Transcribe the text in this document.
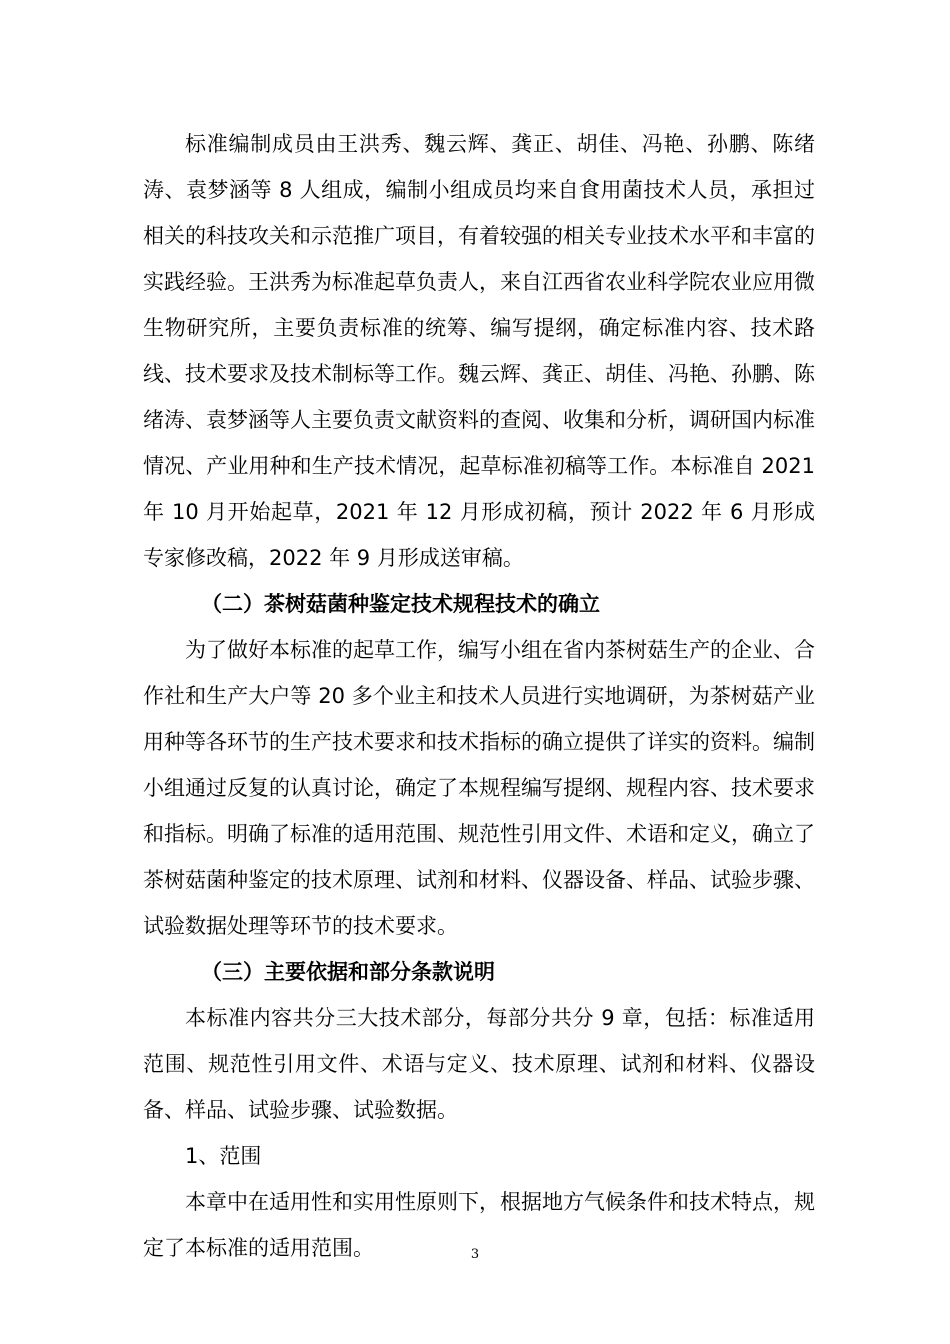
标准编制成员由王洪秀、魏云辉、龚正、胡佳、冯艳、孙鹏、陈绪涛、袁梦涵等 8 人组成，编制小组成员均来自食用菌技术人员，承担过相关的科技攻关和示范推广项目，有着较强的相关专业技术水平和丰富的实践经验。王洪秀为标准起草负责人，来自江西省农业科学院农业应用微生物研究所，主要负责标准的统筹、编写提纲，确定标准内容、技术路线、技术要求及技术制标等工作。魏云辉、龚正、胡佳、冯艳、孙鹏、陈绪涛、袁梦涵等人主要负责文献资料的查阅、收集和分析，调研国内标准情况、产业用种和生产技术情况，起草标准初稿等工作。本标准自 2021 年 10 月开始起草，2021 年 12 月形成初稿，预计 2022 年 6 月形成专家修改稿，2022 年 9 月形成送审稿。

（二）茶树菇菌种鉴定技术规程技术的确立

为了做好本标准的起草工作，编写小组在省内茶树菇生产的企业、合作社和生产大户等 20 多个业主和技术人员进行实地调研，为茶树菇产业用种等各环节的生产技术要求和技术指标的确立提供了详实的资料。编制小组通过反复的认真讨论，确定了本规程编写提纲、规程内容、技术要求和指标。明确了标准的适用范围、规范性引用文件、术语和定义，确立了茶树菇菌种鉴定的技术原理、试剂和材料、仪器设备、样品、试验步骤、试验数据处理等环节的技术要求。

（三）主要依据和部分条款说明

本标准内容共分三大技术部分，每部分共分 9 章，包括：标准适用范围、规范性引用文件、术语与定义、技术原理、试剂和材料、仪器设备、样品、试验步骤、试验数据。

1、范围

本章中在适用性和实用性原则下，根据地方气候条件和技术特点，规定了本标准的适用范围。	3
